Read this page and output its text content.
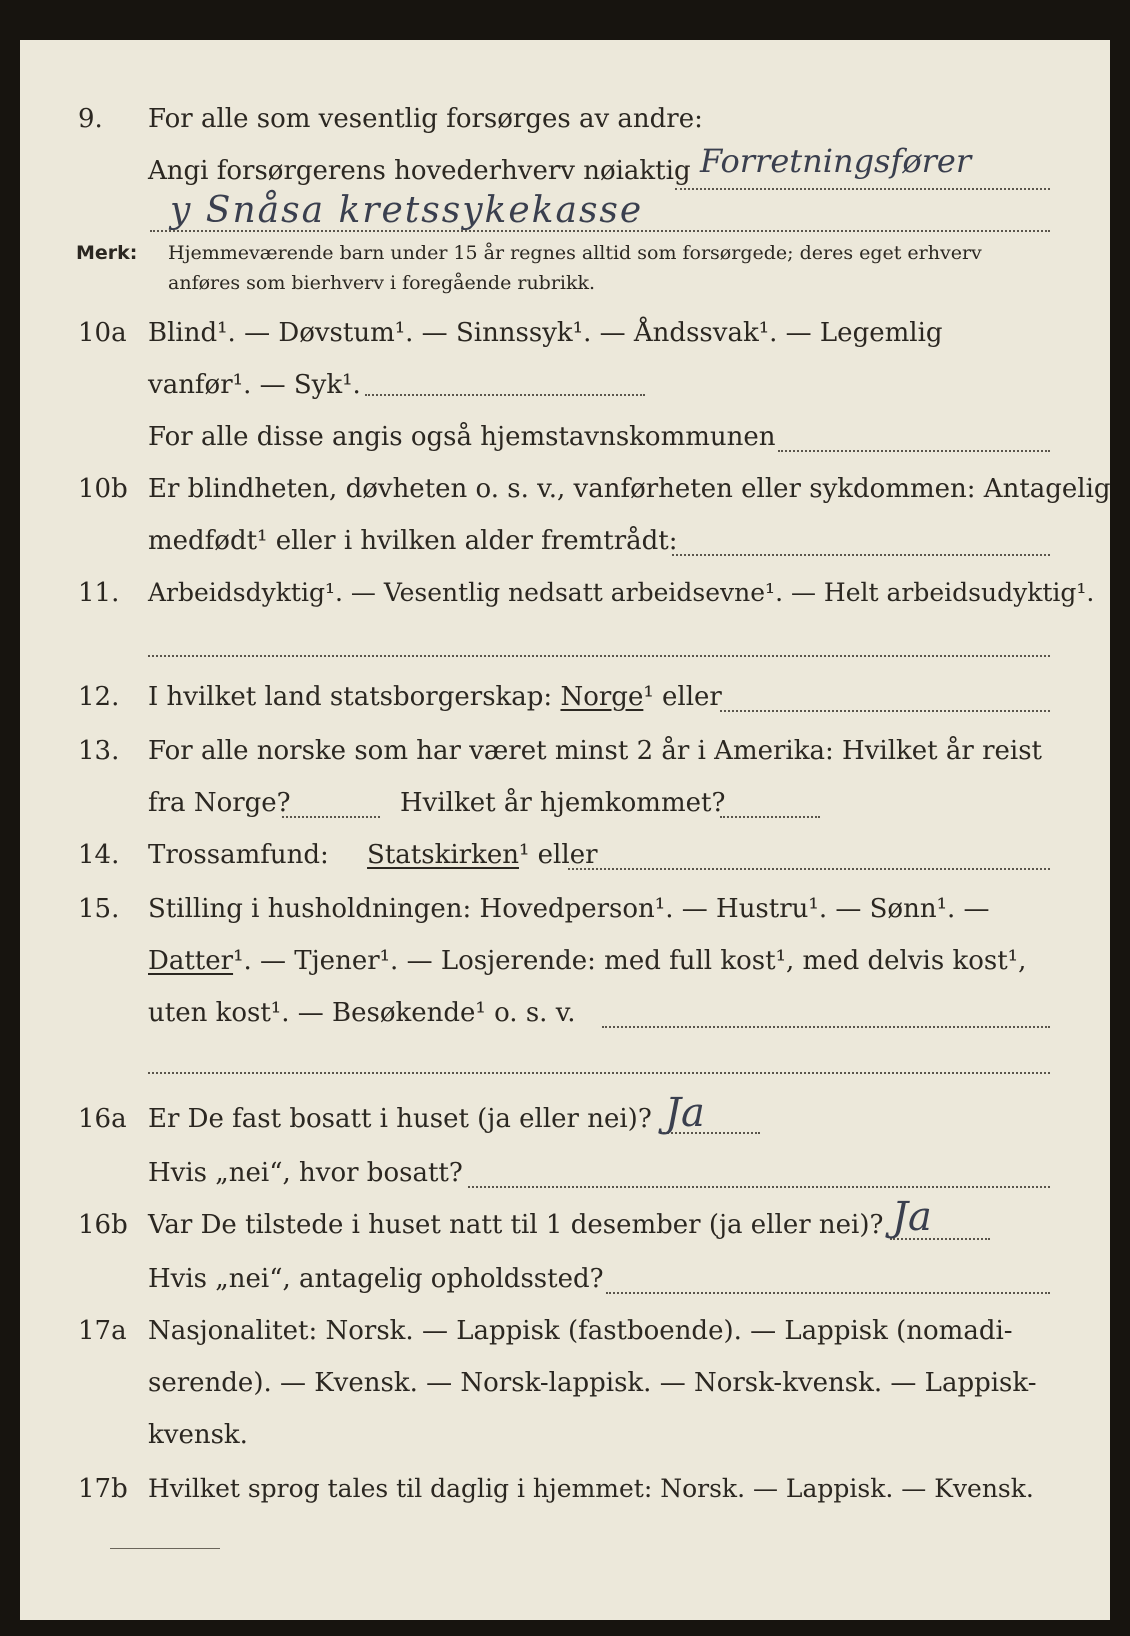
9. For alle som vesentlig forsørges av andre:
Angi forsørgerens hovederhverv nøiaktig Forretningsfører
y Snåsa kretssykekasse
Merk: Hjemmeværende barn under 15 år regnes alltid som forsørgede; deres eget erhverv
anføres som bierhverv i foregående rubrikk.
10a Blind¹. — Døvstum¹. — Sinnssyk¹. — Åndssvak¹. — Legemlig
vanfør¹. — Syk¹.
For alle disse angis også hjemstavnskommunen
10b Er blindheten, døvheten o. s. v., vanførheten eller sykdommen: Antagelig
medfødt¹ eller i hvilken alder fremtrådt:
11. Arbeidsdyktig¹. — Vesentlig nedsatt arbeidsevne¹. — Helt arbeidsudyktig¹.
12. I hvilket land statsborgerskap: Norge¹ eller
13. For alle norske som har været minst 2 år i Amerika: Hvilket år reist
fra Norge?	Hvilket år hjemkommet?
14. Trossamfund: Statskirken¹ eller
15. Stilling i husholdningen: Hovedperson¹. — Hustru¹. — Sønn¹. —
Datter¹. — Tjener¹. — Losjerende: med full kost¹, med delvis kost¹,
uten kost¹. — Besøkende¹ o. s. v.
16a Er De fast bosatt i huset (ja eller nei)? Ja
Hvis „nei“, hvor bosatt?
16b Var De tilstede i huset natt til 1 desember (ja eller nei)? Ja
Hvis „nei“, antagelig opholdssted?
17a Nasjonalitet: Norsk. — Lappisk (fastboende). — Lappisk (nomadi-
serende). — Kvensk. — Norsk-lappisk. — Norsk-kvensk. — Lappisk-
kvensk.
17b Hvilket sprog tales til daglig i hjemmet: Norsk. — Lappisk. — Kvensk.
